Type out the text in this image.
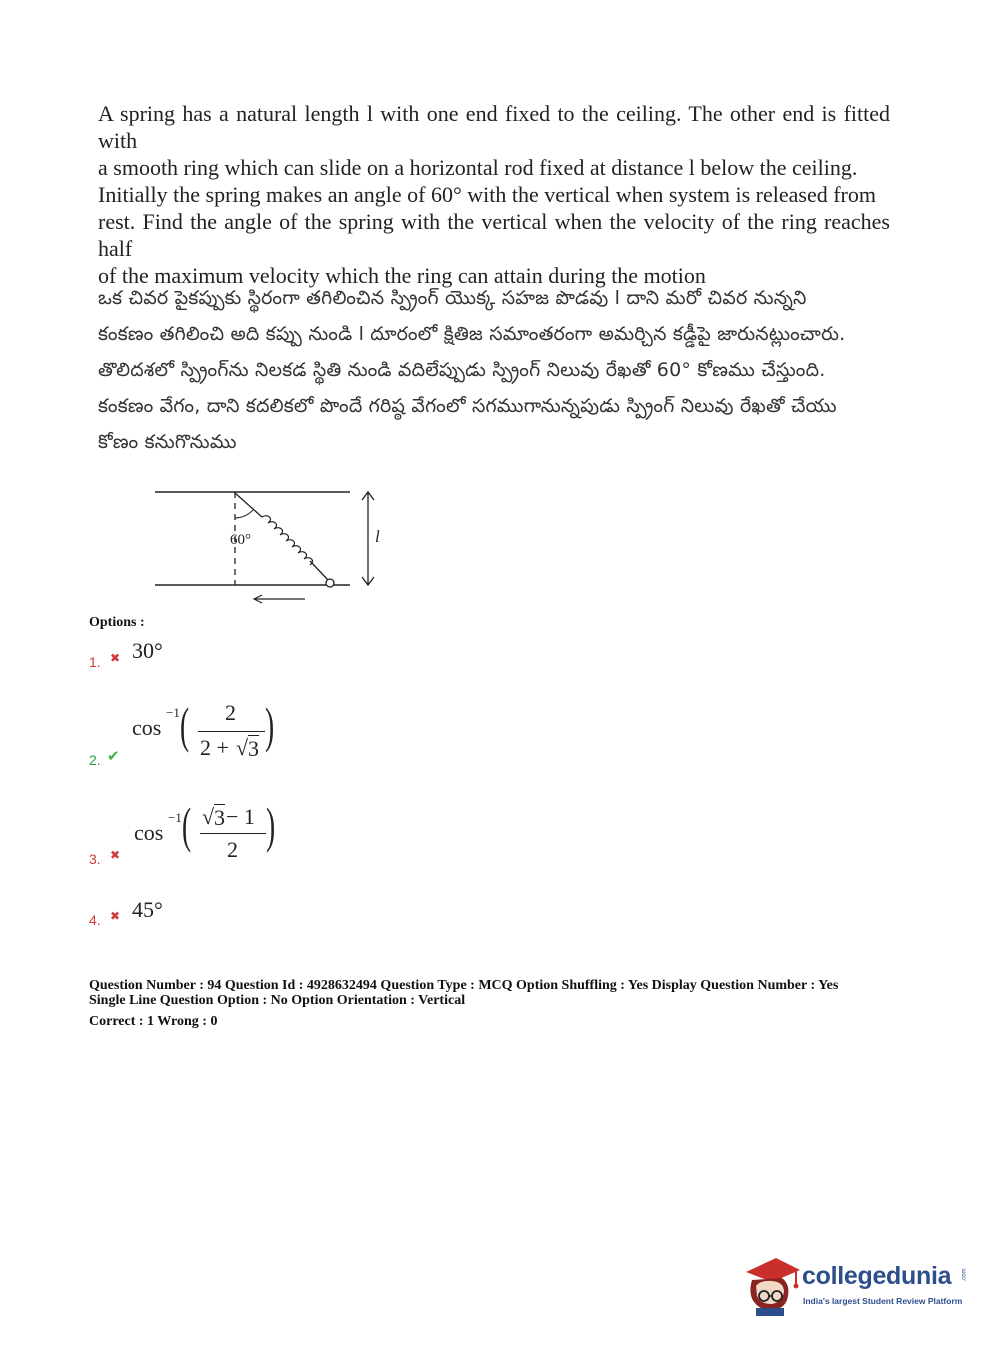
A spring has a natural length l with one end fixed to the ceiling. The other end is fitted with

a smooth ring which can slide on a horizontal rod fixed at distance l below the ceiling.

Initially the spring makes an angle of 60° with the vertical when system is released from

rest. Find the angle of the spring with the vertical when the velocity of the ring reaches half

of the maximum velocity which the ring can attain during the motion

ఒక చివర పైకప్పుకు స్థిరంగా తగిలించిన స్ప్రింగ్ యొక్క సహజ పొడవు l దాని మరో చివర నున్నని

కంకణం తగిలించి అది కప్పు నుండి l దూరంలో క్షితిజ సమాంతరంగా అమర్చిన కడ్డీపై జారునట్లుంచారు.

తొలిదశలో స్ప్రింగ్‌ను నిలకడ స్థితి నుండి వదిలేప్పుడు స్ప్రింగ్ నిలువు రేఖతో 60° కోణము చేస్తుంది.

కంకణం వేగం, దాని కదలికలో పొందే గరిష్ఠ వేగంలో సగముగానున్నపుడు స్ప్రింగ్ నిలువు రేఖతో చేయు

కోణం కనుగొనుము

60°	l
Options :
1. ✖ 30°
2. ✔
cos
−1 ( 2
2 + √ 3 )
3. ✖
cos
−1 ( √ 3 − 1
2 )
4. ✖ 45°

Question Number : 94 Question Id : 4928632494 Question Type : MCQ Option Shuffling : Yes Display Question Number : Yes

Single Line Question Option : No Option Orientation : Vertical

Correct : 1 Wrong : 0
collegedunia .com
India's largest Student Review Platform
